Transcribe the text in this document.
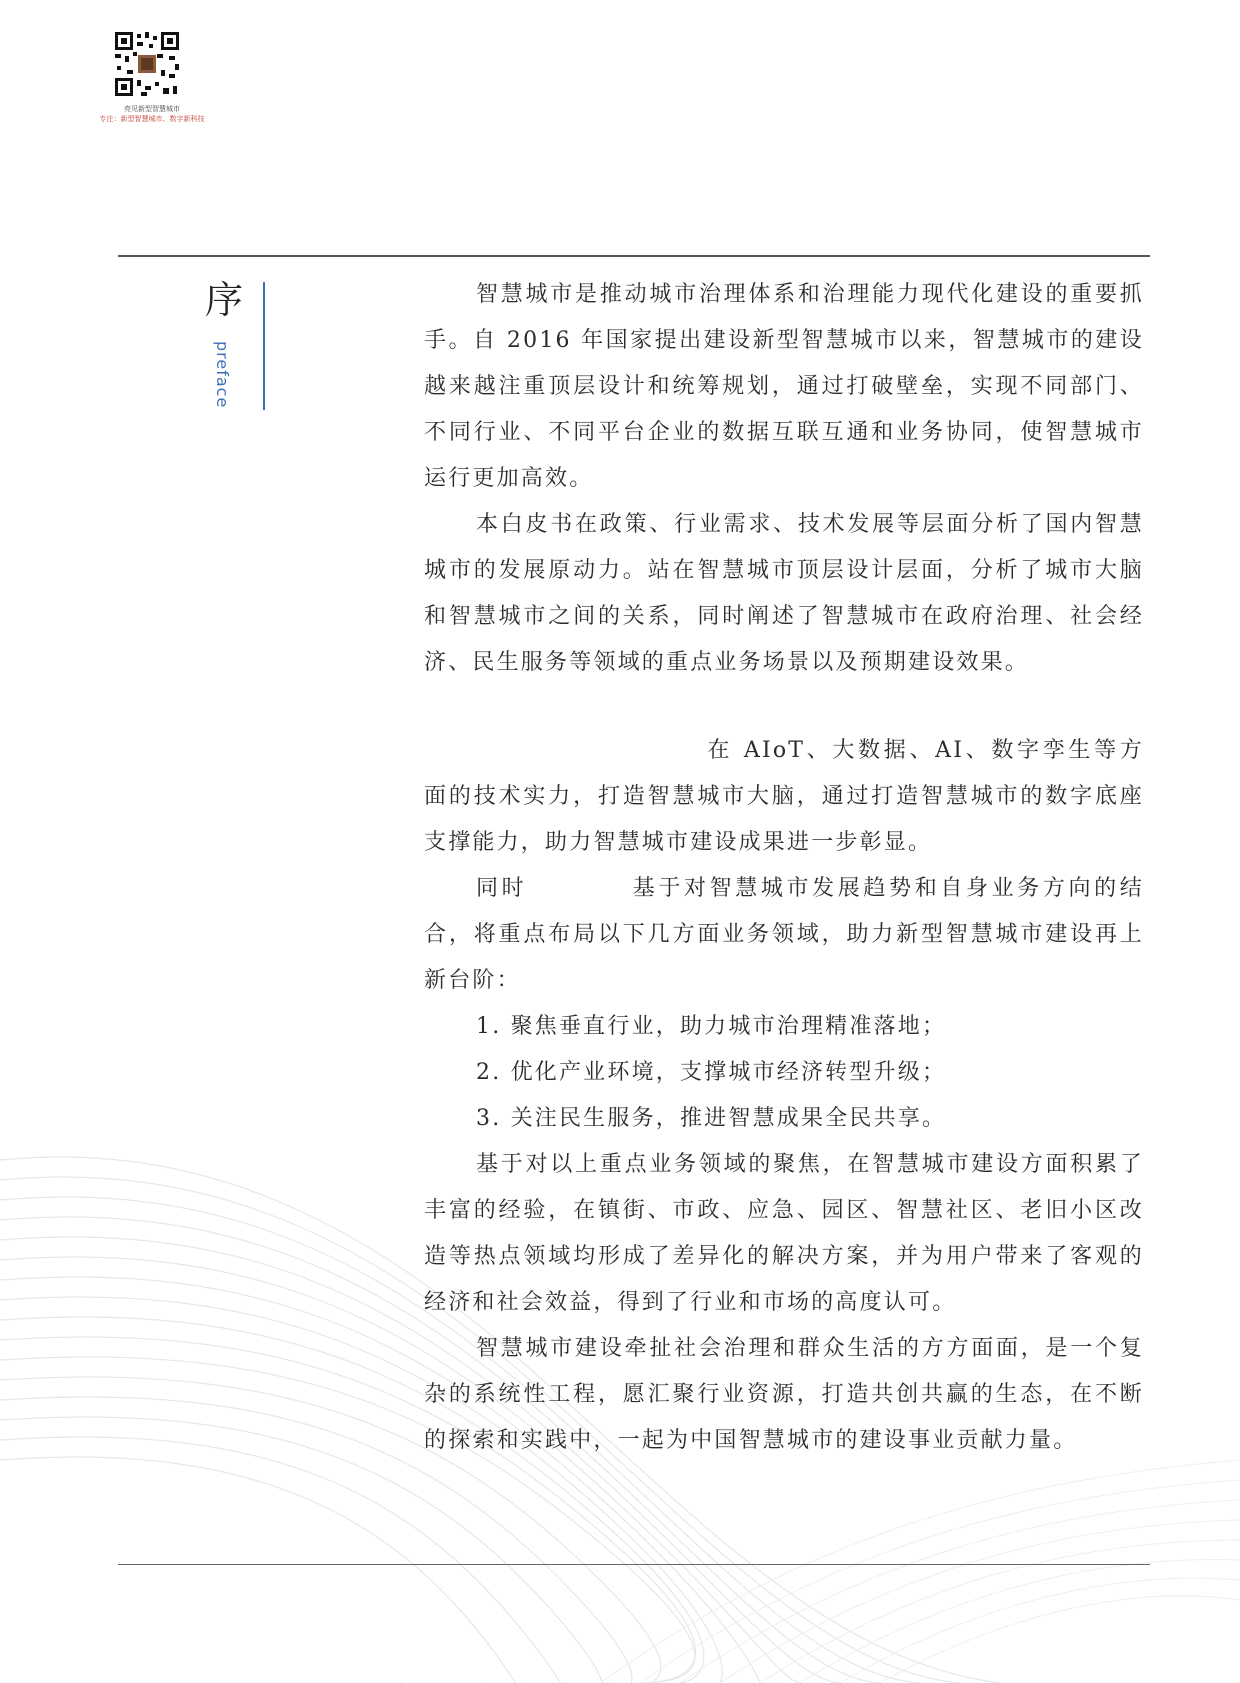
亮见新型智慧城市
专注：新型智慧城市、数字新科技
序
preface

智慧城市是推动城市治理体系和治理能力现代化建设的重要抓手。自 2016 年国家提出建设新型智慧城市以来，智慧城市的建设越来越注重顶层设计和统筹规划，通过打破壁垒，实现不同部门、不同行业、不同平台企业的数据互联互通和业务协同，使智慧城市运行更加高效。

本白皮书在政策、行业需求、技术发展等层面分析了国内智慧城市的发展原动力。站在智慧城市顶层设计层面，分析了城市大脑和智慧城市之间的关系，同时阐述了智慧城市在政府治理、社会经济、民生服务等领域的重点业务场景以及预期建设效果。

在 AIoT、大数据、AI、数字孪生等方面的技术实力，打造智慧城市大脑，通过打造智慧城市的数字底座支撑能力，助力智慧城市建设成果进一步彰显。

同时	基于对智慧城市发展趋势和自身业务方向的结合，将重点布局以下几方面业务领域，助力新型智慧城市建设再上新台阶：

1. 聚焦垂直行业，助力城市治理精准落地；

2. 优化产业环境，支撑城市经济转型升级；

3. 关注民生服务，推进智慧成果全民共享。

基于对以上重点业务领域的聚焦，在智慧城市建设方面积累了丰富的经验，在镇街、市政、应急、园区、智慧社区、老旧小区改造等热点领域均形成了差异化的解决方案，并为用户带来了客观的经济和社会效益，得到了行业和市场的高度认可。

智慧城市建设牵扯社会治理和群众生活的方方面面，是一个复杂的系统性工程，愿汇聚行业资源，打造共创共赢的生态，在不断的探索和实践中，一起为中国智慧城市的建设事业贡献力量。
